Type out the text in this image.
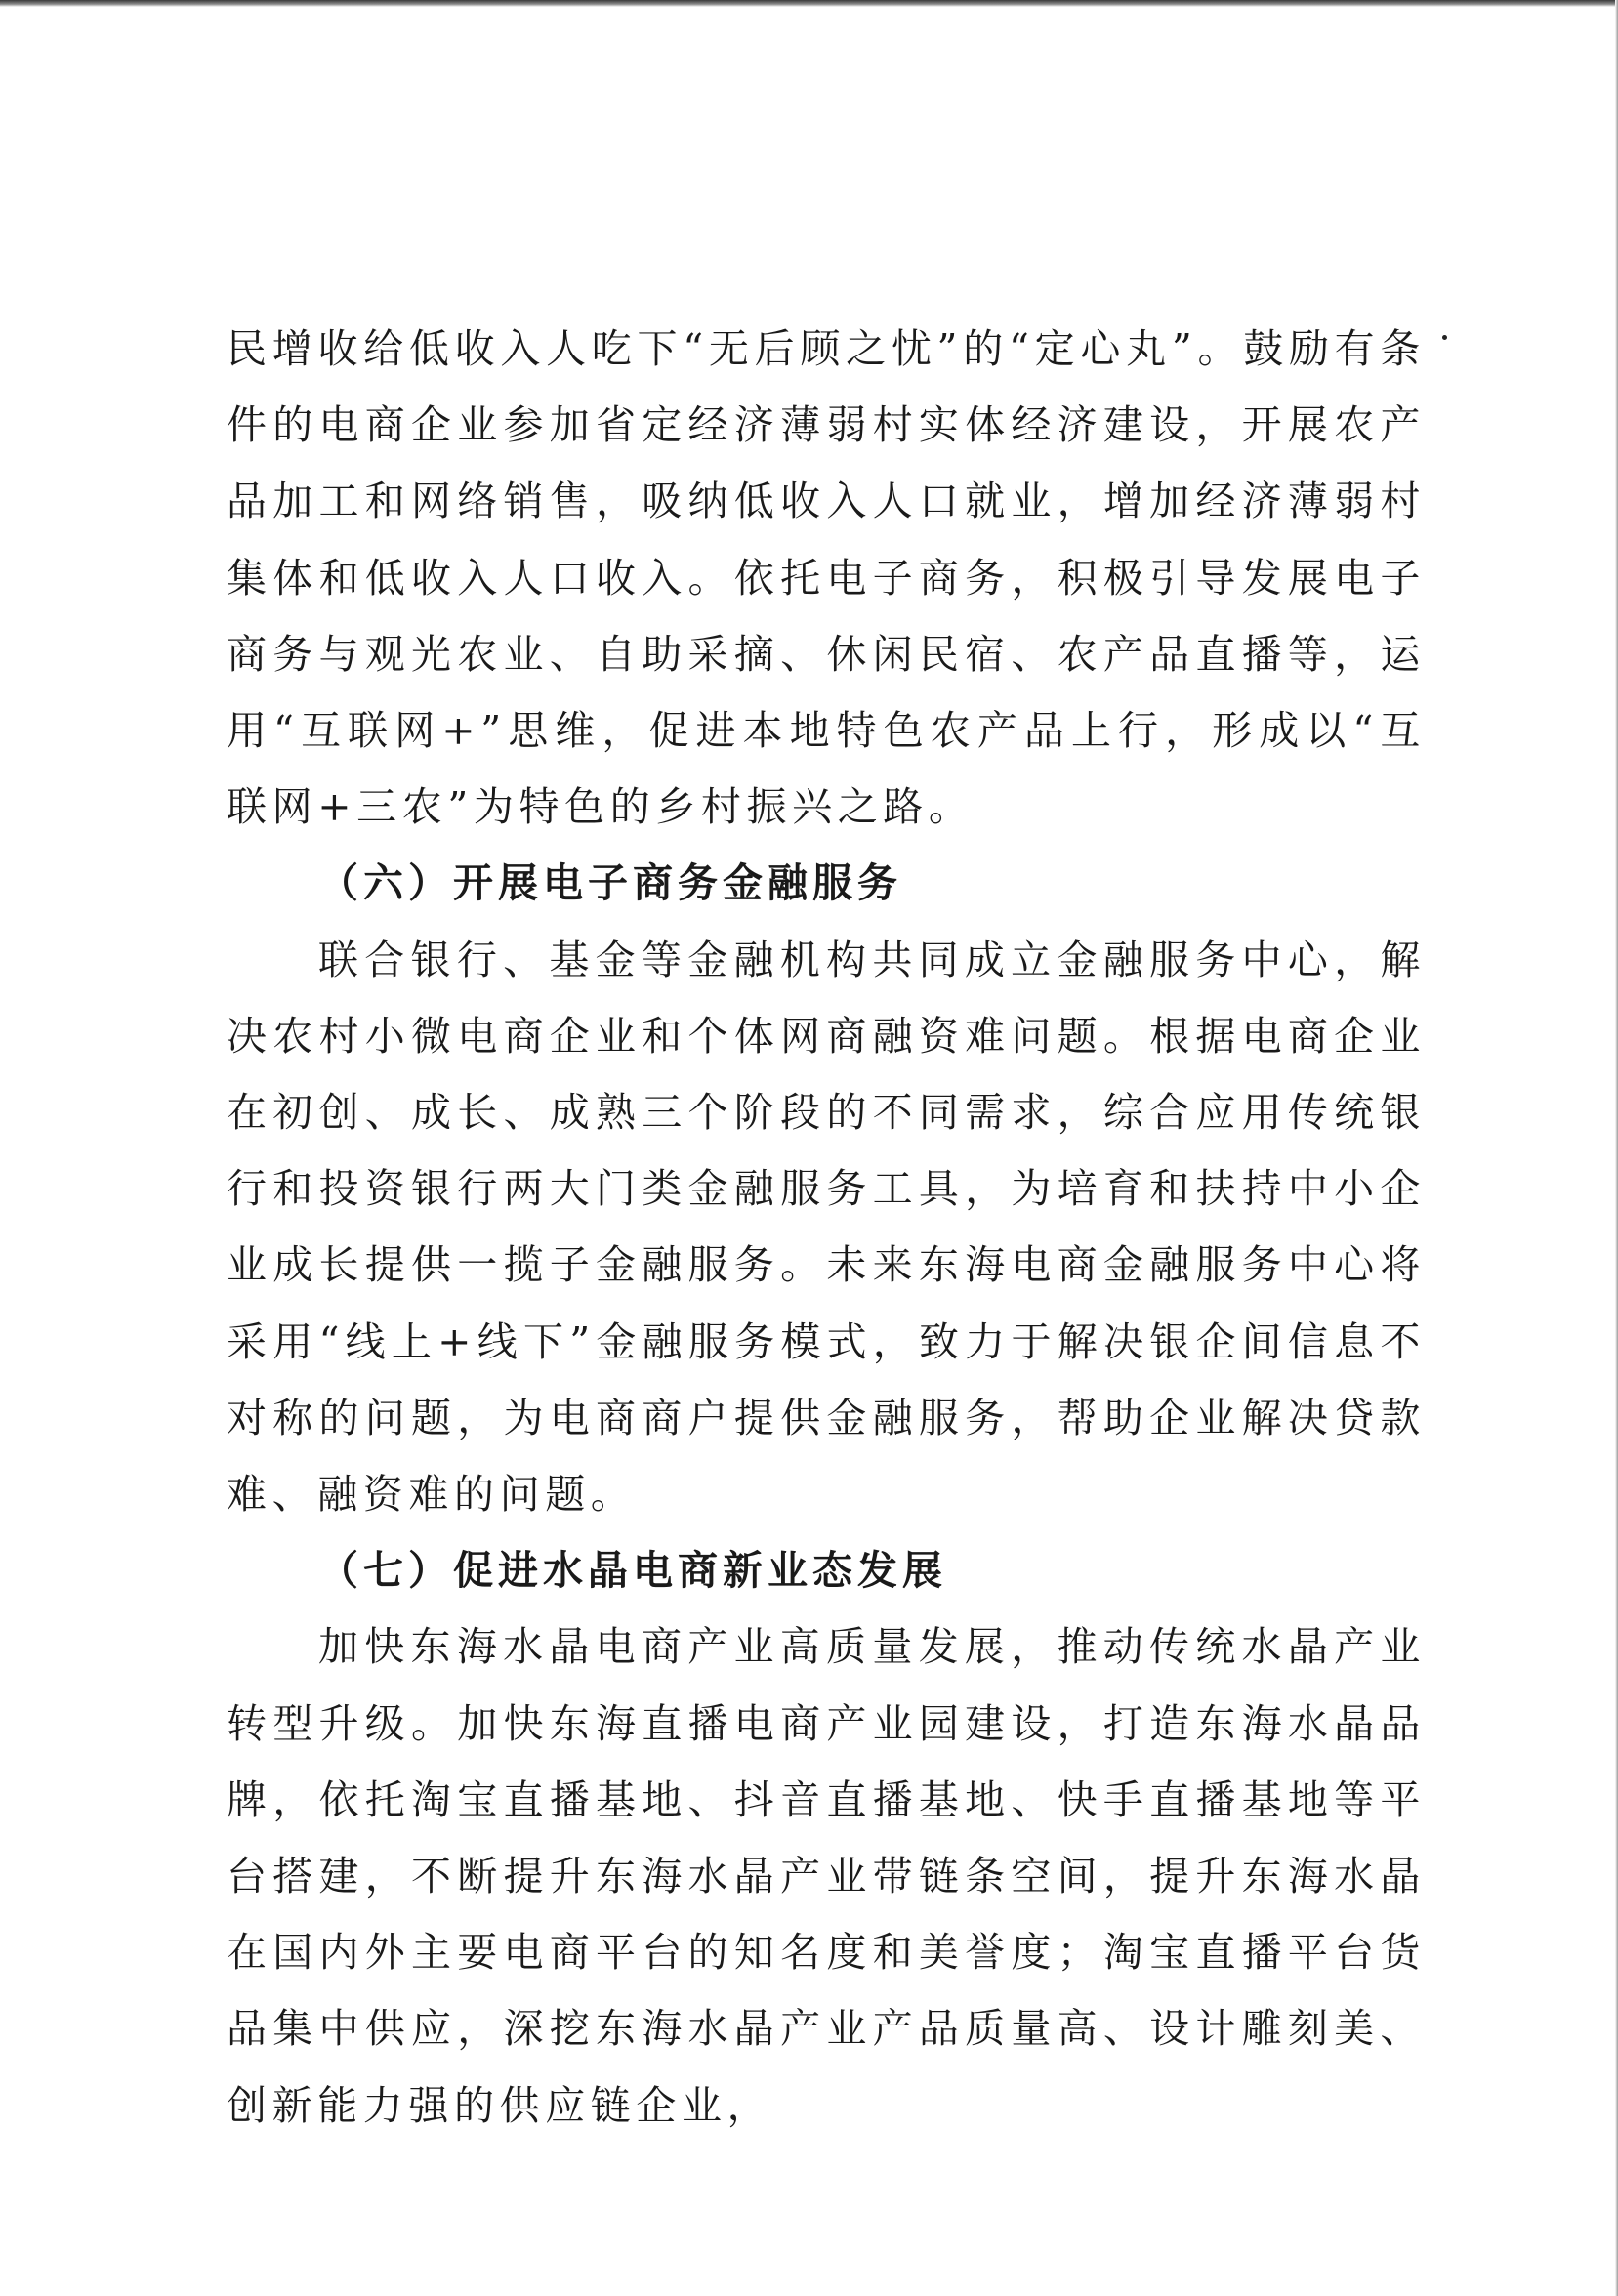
民增收给低收入人吃下“无后顾之忧”的“定心丸”。鼓励有条件的电商企业参加省定经济薄弱村实体经济建设，开展农产品加工和网络销售，吸纳低收入人口就业，增加经济薄弱村集体和低收入人口收入。依托电子商务，积极引导发展电子商务与观光农业、自助采摘、休闲民宿、农产品直播等，运用“互联网+”思维，促进本地特色农产品上行，形成以“互联网+三农”为特色的乡村振兴之路。

（六）开展电子商务金融服务

联合银行、基金等金融机构共同成立金融服务中心，解决农村小微电商企业和个体网商融资难问题。根据电商企业在初创、成长、成熟三个阶段的不同需求，综合应用传统银行和投资银行两大门类金融服务工具，为培育和扶持中小企业成长提供一揽子金融服务。未来东海电商金融服务中心将采用“线上+线下”金融服务模式，致力于解决银企间信息不对称的问题，为电商商户提供金融服务，帮助企业解决贷款难、融资难的问题。

（七）促进水晶电商新业态发展

加快东海水晶电商产业高质量发展，推动传统水晶产业转型升级。加快东海直播电商产业园建设，打造东海水晶品牌，依托淘宝直播基地、抖音直播基地、快手直播基地等平台搭建，不断提升东海水晶产业带链条空间，提升东海水晶在国内外主要电商平台的知名度和美誉度；淘宝直播平台货品集中供应，深挖东海水晶产业产品质量高、设计雕刻美、创新能力强的供应链企业，
